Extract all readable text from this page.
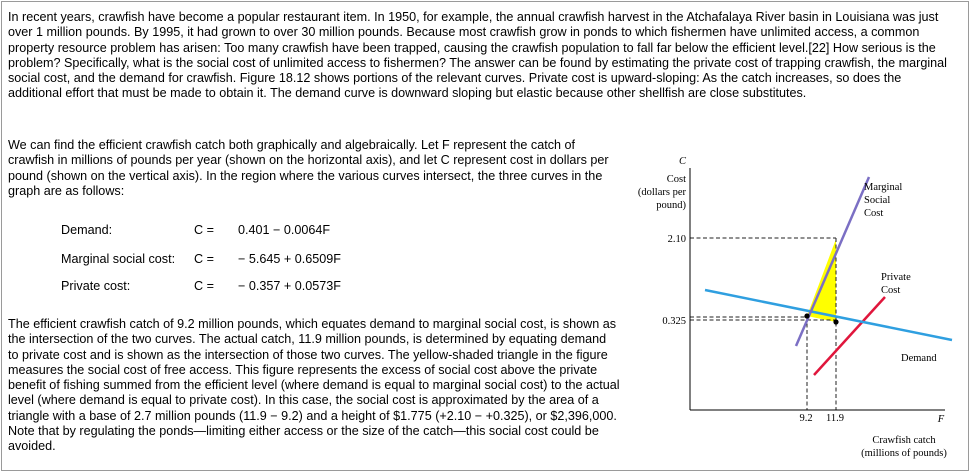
In recent years, crawfish have become a popular restaurant item. In 1950, for example, the annual crawfish harvest in the Atchafalaya River basin in Louisiana was just over 1 million pounds. By 1995, it had grown to over 30 million pounds. Because most crawfish grow in ponds to which fishermen have unlimited access, a common property resource problem has arisen: Too many crawfish have been trapped, causing the crawfish population to fall far below the efficient level.[22] How serious is the problem? Specifically, what is the social cost of unlimited access to fishermen? The answer can be found by estimating the private cost of trapping crawfish, the marginal social cost, and the demand for crawfish. Figure 18.12 shows portions of the relevant curves. Private cost is upward-sloping: As the catch increases, so does the additional effort that must be made to obtain it. The demand curve is downward sloping but elastic because other shellfish are close substitutes.

We can find the efficient crawfish catch both graphically and algebraically. Let F represent the catch of crawfish in millions of pounds per year (shown on the horizontal axis), and let C represent cost in dollars per pound (shown on the vertical axis). In the region where the various curves intersect, the three curves in the graph are as follows:

Demand:	C = 0.401 − 0.0064F
Marginal social cost: C = − 5.645 + 0.6509F
Private cost:	C = − 0.357 + 0.0573F

The efficient crawfish catch of 9.2 million pounds, which equates demand to marginal social cost, is shown as the intersection of the two curves. The actual catch, 11.9 million pounds, is determined by equating demand to private cost and is shown as the intersection of those two curves. The yellow-shaded triangle in the figure measures the social cost of free access. This figure represents the excess of social cost above the private benefit of fishing summed from the efficient level (where demand is equal to marginal social cost) to the actual level (where demand is equal to private cost). In this case, the social cost is approximated by the area of a triangle with a base of 2.7 million pounds (11.9 − 9.2) and a height of $1.775 (+2.10 − +0.325), or $2,396,000. Note that by regulating the ponds—limiting either access or the size of the catch—this social cost could be avoided.

C
Cost
(dollars per
pound)
2.10
0.325
9.2 11.9	F
Crawfish catch
(millions of pounds)
Marginal
Social
Cost
Private
Cost
Demand
